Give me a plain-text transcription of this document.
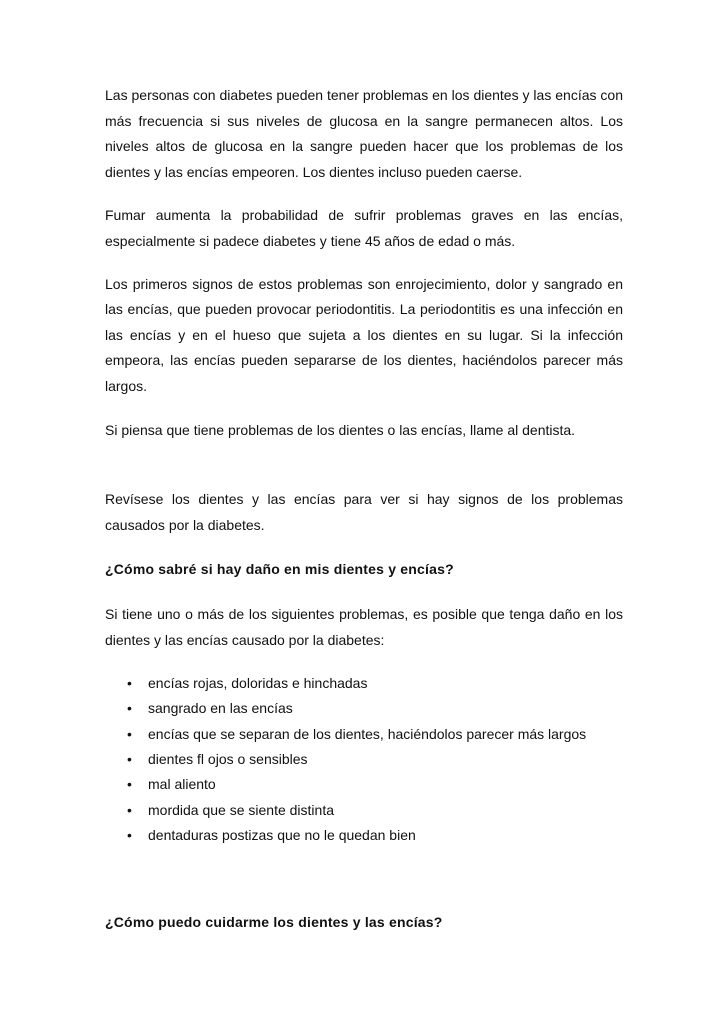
Las personas con diabetes pueden tener problemas en los dientes y las encías con más frecuencia si sus niveles de glucosa en la sangre permanecen altos. Los niveles altos de glucosa en la sangre pueden hacer que los problemas de los dientes y las encías empeoren. Los dientes incluso pueden caerse.

Fumar aumenta la probabilidad de sufrir problemas graves en las encías, especialmente si padece diabetes y tiene 45 años de edad o más.

Los primeros signos de estos problemas son enrojecimiento, dolor y sangrado en las encías, que pueden provocar periodontitis. La periodontitis es una infección en las encías y en el hueso que sujeta a los dientes en su lugar. Si la infección empeora, las encías pueden separarse de los dientes, haciéndolos parecer más largos.

Si piensa que tiene problemas de los dientes o las encías, llame al dentista.

Revísese los dientes y las encías para ver si hay signos de los problemas causados por la diabetes.

¿Cómo sabré si hay daño en mis dientes y encías?

Si tiene uno o más de los siguientes problemas, es posible que tenga daño en los dientes y las encías causado por la diabetes:

• encías rojas, doloridas e hinchadas
• sangrado en las encías
• encías que se separan de los dientes, haciéndolos parecer más largos
• dientes fl ojos o sensibles
• mal aliento
• mordida que se siente distinta
• dentaduras postizas que no le quedan bien

¿Cómo puedo cuidarme los dientes y las encías?
